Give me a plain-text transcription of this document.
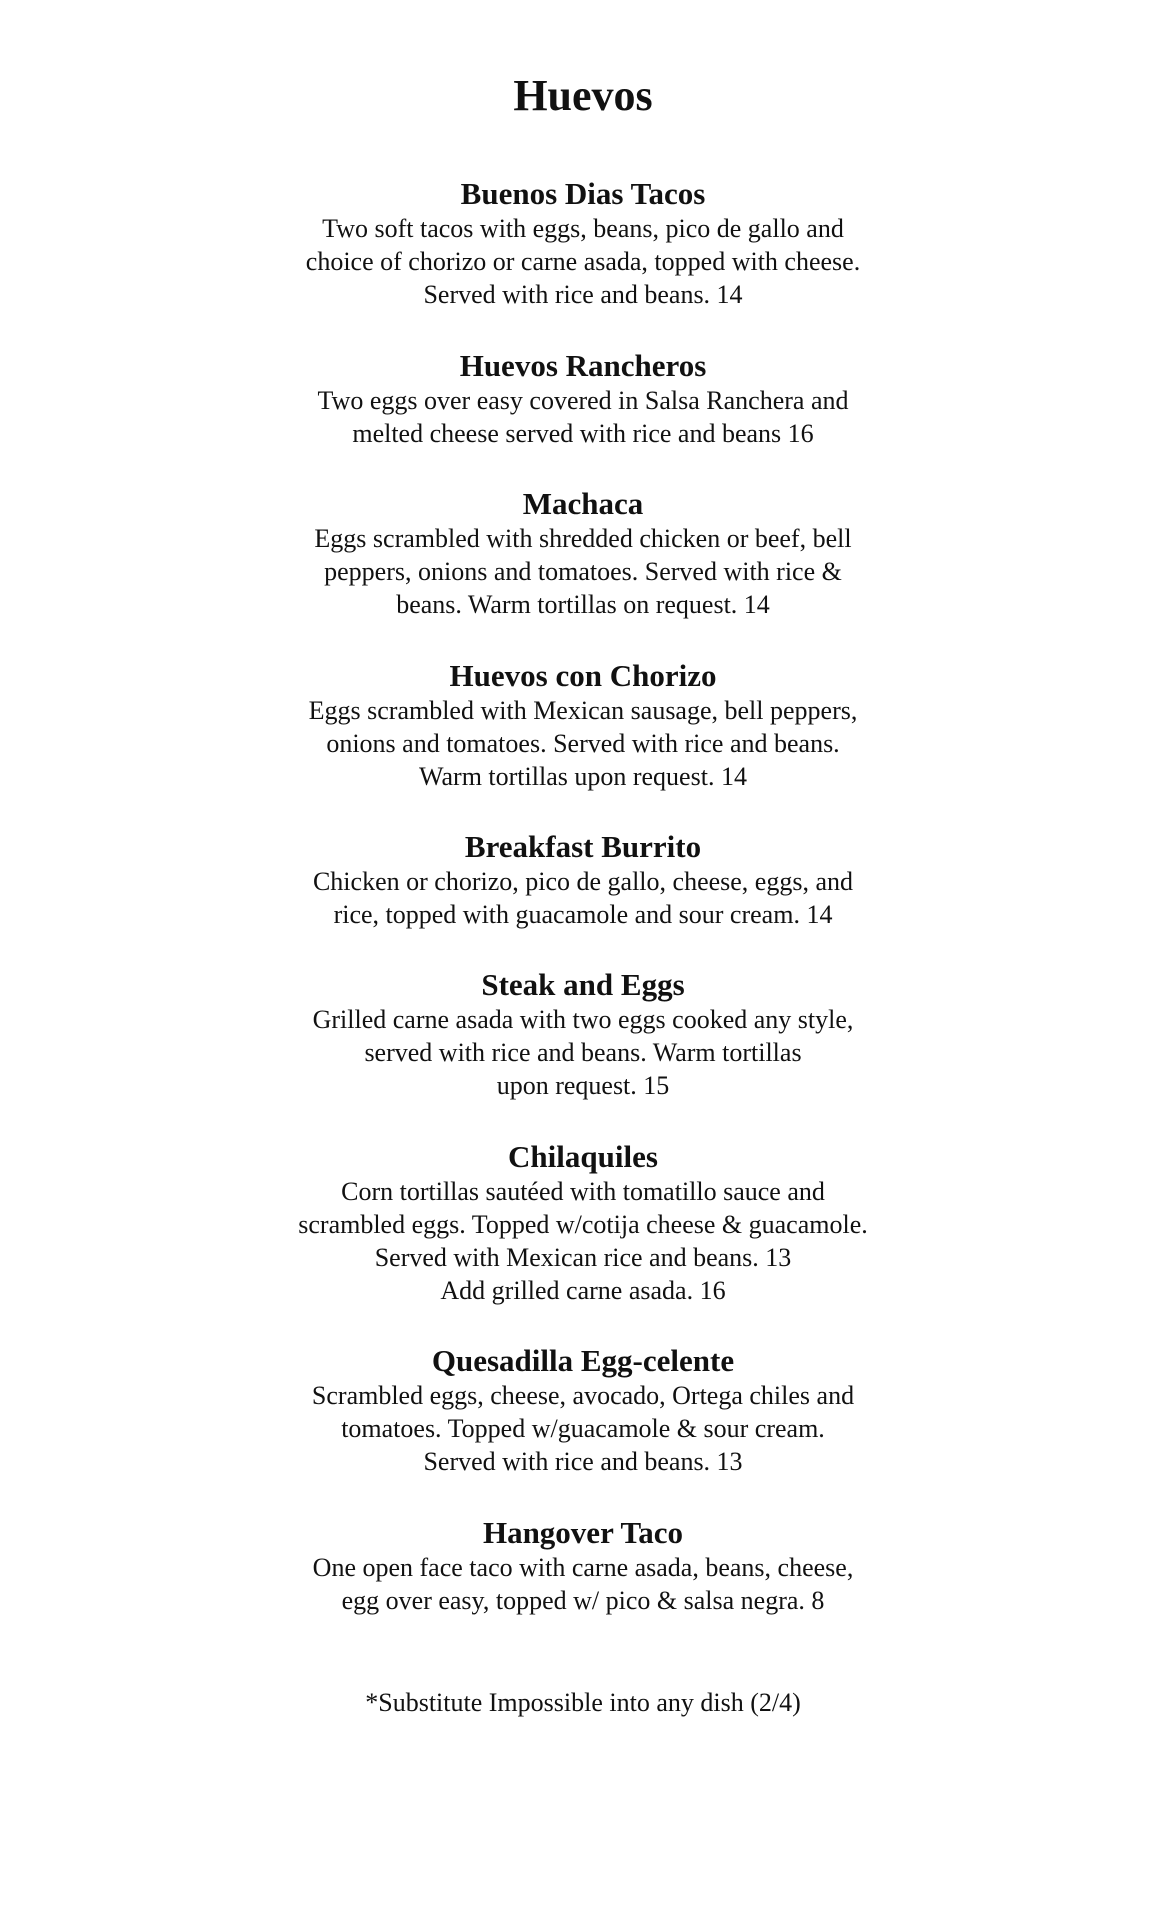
Huevos
Buenos Dias Tacos
Two soft tacos with eggs, beans, pico de gallo and
choice of chorizo or carne asada, topped with cheese.
Served with rice and beans. 14
Huevos Rancheros
Two eggs over easy covered in Salsa Ranchera and
melted cheese served with rice and beans 16
Machaca
Eggs scrambled with shredded chicken or beef, bell
peppers, onions and tomatoes. Served with rice &
beans. Warm tortillas on request. 14
Huevos con Chorizo
Eggs scrambled with Mexican sausage, bell peppers,
onions and tomatoes. Served with rice and beans.
Warm tortillas upon request. 14
Breakfast Burrito
Chicken or chorizo, pico de gallo, cheese, eggs, and
rice, topped with guacamole and sour cream. 14
Steak and Eggs
Grilled carne asada with two eggs cooked any style,
served with rice and beans. Warm tortillas
upon request. 15
Chilaquiles
Corn tortillas sautéed with tomatillo sauce and
scrambled eggs. Topped w/cotija cheese & guacamole.
Served with Mexican rice and beans. 13
Add grilled carne asada. 16
Quesadilla Egg-celente
Scrambled eggs, cheese, avocado, Ortega chiles and
tomatoes. Topped w/guacamole & sour cream.
Served with rice and beans. 13
Hangover Taco
One open face taco with carne asada, beans, cheese,
egg over easy, topped w/ pico & salsa negra. 8
*Substitute Impossible into any dish (2/4)
